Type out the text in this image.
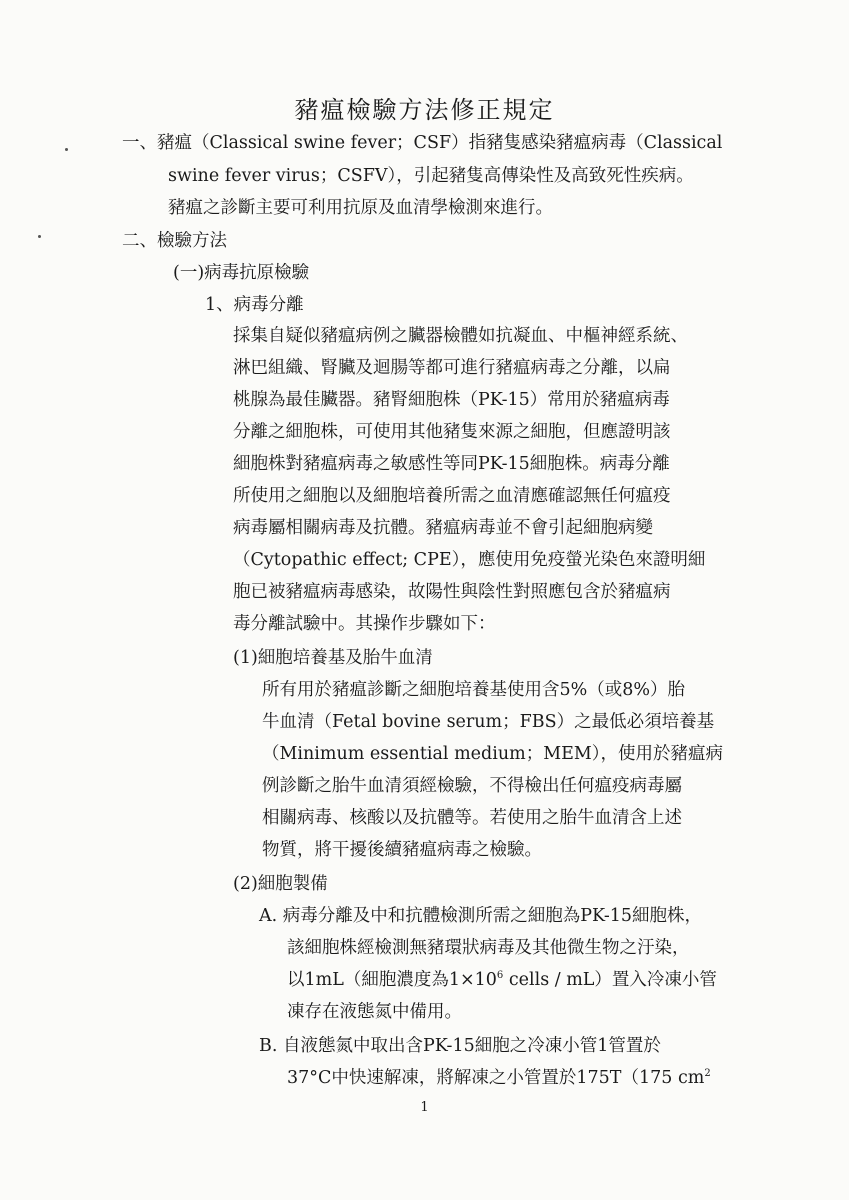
豬瘟檢驗方法修正規定
一、豬瘟（Classical swine fever；CSF）指豬隻感染豬瘟病毒（Classical
swine fever virus；CSFV），引起豬隻高傳染性及高致死性疾病。
豬瘟之診斷主要可利用抗原及血清學檢測來進行。
二、檢驗方法
(一)病毒抗原檢驗
1、病毒分離
採集自疑似豬瘟病例之臟器檢體如抗凝血、中樞神經系統、
淋巴組織、腎臟及迴腸等都可進行豬瘟病毒之分離，以扁
桃腺為最佳臟器。豬腎細胞株（PK-15）常用於豬瘟病毒
分離之細胞株，可使用其他豬隻來源之細胞，但應證明該
細胞株對豬瘟病毒之敏感性等同PK-15細胞株。病毒分離
所使用之細胞以及細胞培養所需之血清應確認無任何瘟疫
病毒屬相關病毒及抗體。豬瘟病毒並不會引起細胞病變
（Cytopathic effect; CPE），應使用免疫螢光染色來證明細
胞已被豬瘟病毒感染，故陽性與陰性對照應包含於豬瘟病
毒分離試驗中。其操作步驟如下：
(1)細胞培養基及胎牛血清
所有用於豬瘟診斷之細胞培養基使用含5%（或8%）胎
牛血清（Fetal bovine serum；FBS）之最低必須培養基
（Minimum essential medium；MEM），使用於豬瘟病
例診斷之胎牛血清須經檢驗，不得檢出任何瘟疫病毒屬
相關病毒、核酸以及抗體等。若使用之胎牛血清含上述
物質，將干擾後續豬瘟病毒之檢驗。
(2)細胞製備
A. 病毒分離及中和抗體檢測所需之細胞為PK-15細胞株，
該細胞株經檢測無豬環狀病毒及其他微生物之汙染，
以1mL（細胞濃度為$1\times 10^6$ cells / mL）置入冷凍小管
凍存在液態氮中備用。
B. 自液態氮中取出含PK-15細胞之冷凍小管1管置於
37°C中快速解凍，將解凍之小管置於175T（175 $cm^2$
1
